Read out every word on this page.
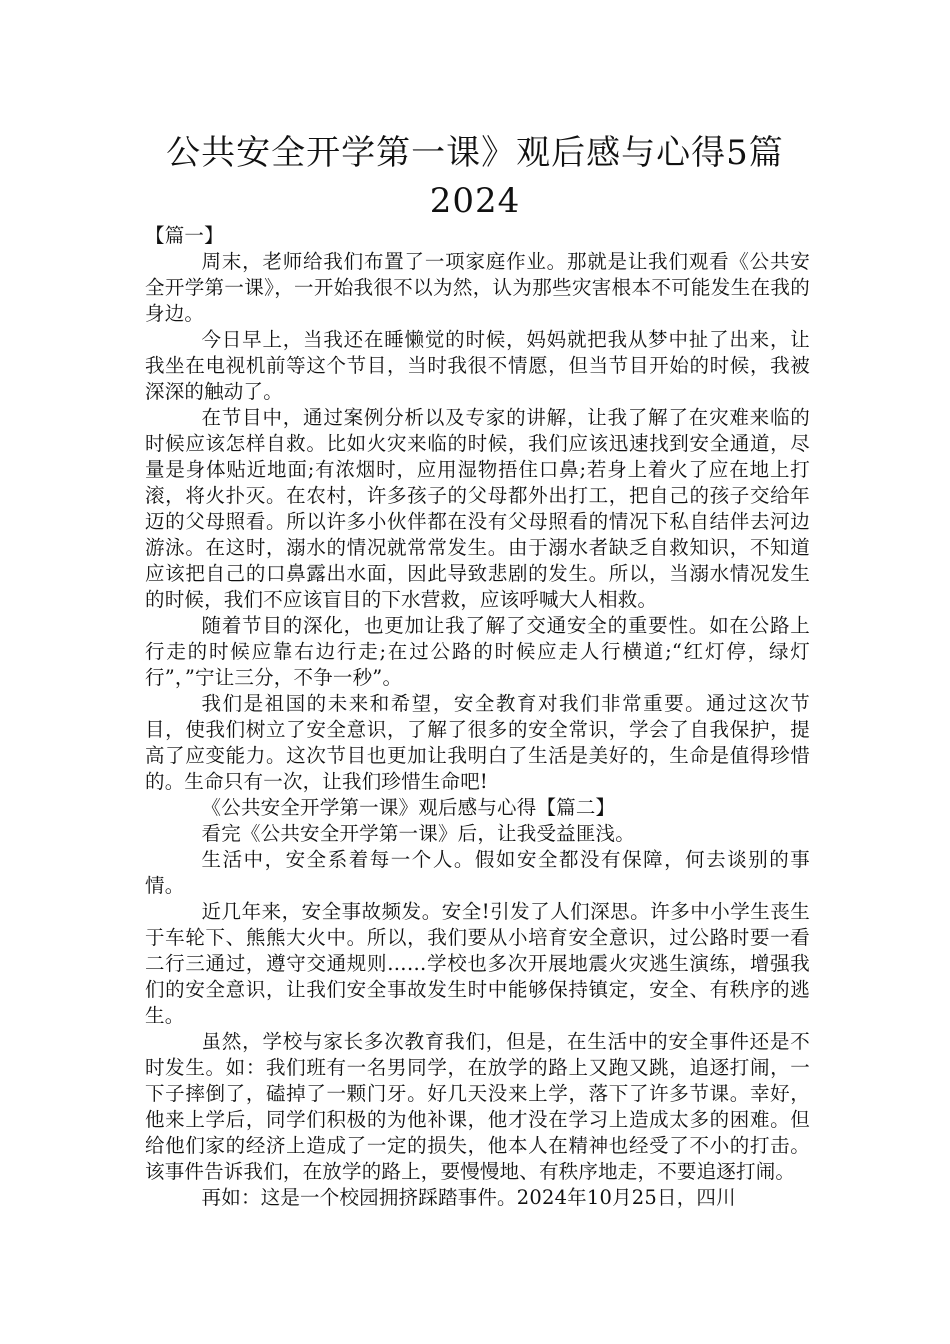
公共安全开学第一课》观后感与心得5篇
2024

【篇一】

周末，老师给我们布置了一项家庭作业。那就是让我们观看《公共安全开学第一课》，一开始我很不以为然，认为那些灾害根本不可能发生在我的身边。

今日早上，当我还在睡懒觉的时候，妈妈就把我从梦中扯了出来，让我坐在电视机前等这个节目，当时我很不情愿，但当节目开始的时候，我被深深的触动了。

在节目中，通过案例分析以及专家的讲解，让我了解了在灾难来临的时候应该怎样自救。比如火灾来临的时候，我们应该迅速找到安全通道，尽量是身体贴近地面;有浓烟时，应用湿物捂住口鼻;若身上着火了应在地上打滚，将火扑灭。在农村，许多孩子的父母都外出打工，把自己的孩子交给年迈的父母照看。所以许多小伙伴都在没有父母照看的情况下私自结伴去河边游泳。在这时，溺水的情况就常常发生。由于溺水者缺乏自救知识，不知道应该把自己的口鼻露出水面，因此导致悲剧的发生。所以，当溺水情况发生的时候，我们不应该盲目的下水营救，应该呼喊大人相救。

随着节目的深化，也更加让我了解了交通安全的重要性。如在公路上行走的时候应靠右边行走;在过公路的时候应走人行横道;“红灯停，绿灯行”，”宁让三分，不争一秒”。

我们是祖国的未来和希望，安全教育对我们非常重要。通过这次节目，使我们树立了安全意识，了解了很多的安全常识，学会了自我保护，提高了应变能力。这次节目也更加让我明白了生活是美好的，生命是值得珍惜的。生命只有一次，让我们珍惜生命吧!

《公共安全开学第一课》观后感与心得【篇二】

看完《公共安全开学第一课》后，让我受益匪浅。

生活中，安全系着每一个人。假如安全都没有保障，何去谈别的事情。

近几年来，安全事故频发。安全!引发了人们深思。许多中小学生丧生于车轮下、熊熊大火中。所以，我们要从小培育安全意识，过公路时要一看二行三通过，遵守交通规则……学校也多次开展地震火灾逃生演练，增强我们的安全意识，让我们安全事故发生时中能够保持镇定，安全、有秩序的逃生。

虽然，学校与家长多次教育我们，但是，在生活中的安全事件还是不时发生。如：我们班有一名男同学，在放学的路上又跑又跳，追逐打闹，一下子摔倒了，磕掉了一颗门牙。好几天没来上学，落下了许多节课。幸好，他来上学后，同学们积极的为他补课，他才没在学习上造成太多的困难。但给他们家的经济上造成了一定的损失，他本人在精神也经受了不小的打击。该事件告诉我们，在放学的路上，要慢慢地、有秩序地走，不要追逐打闹。

再如：这是一个校园拥挤踩踏事件。2024年10月25日，四川
